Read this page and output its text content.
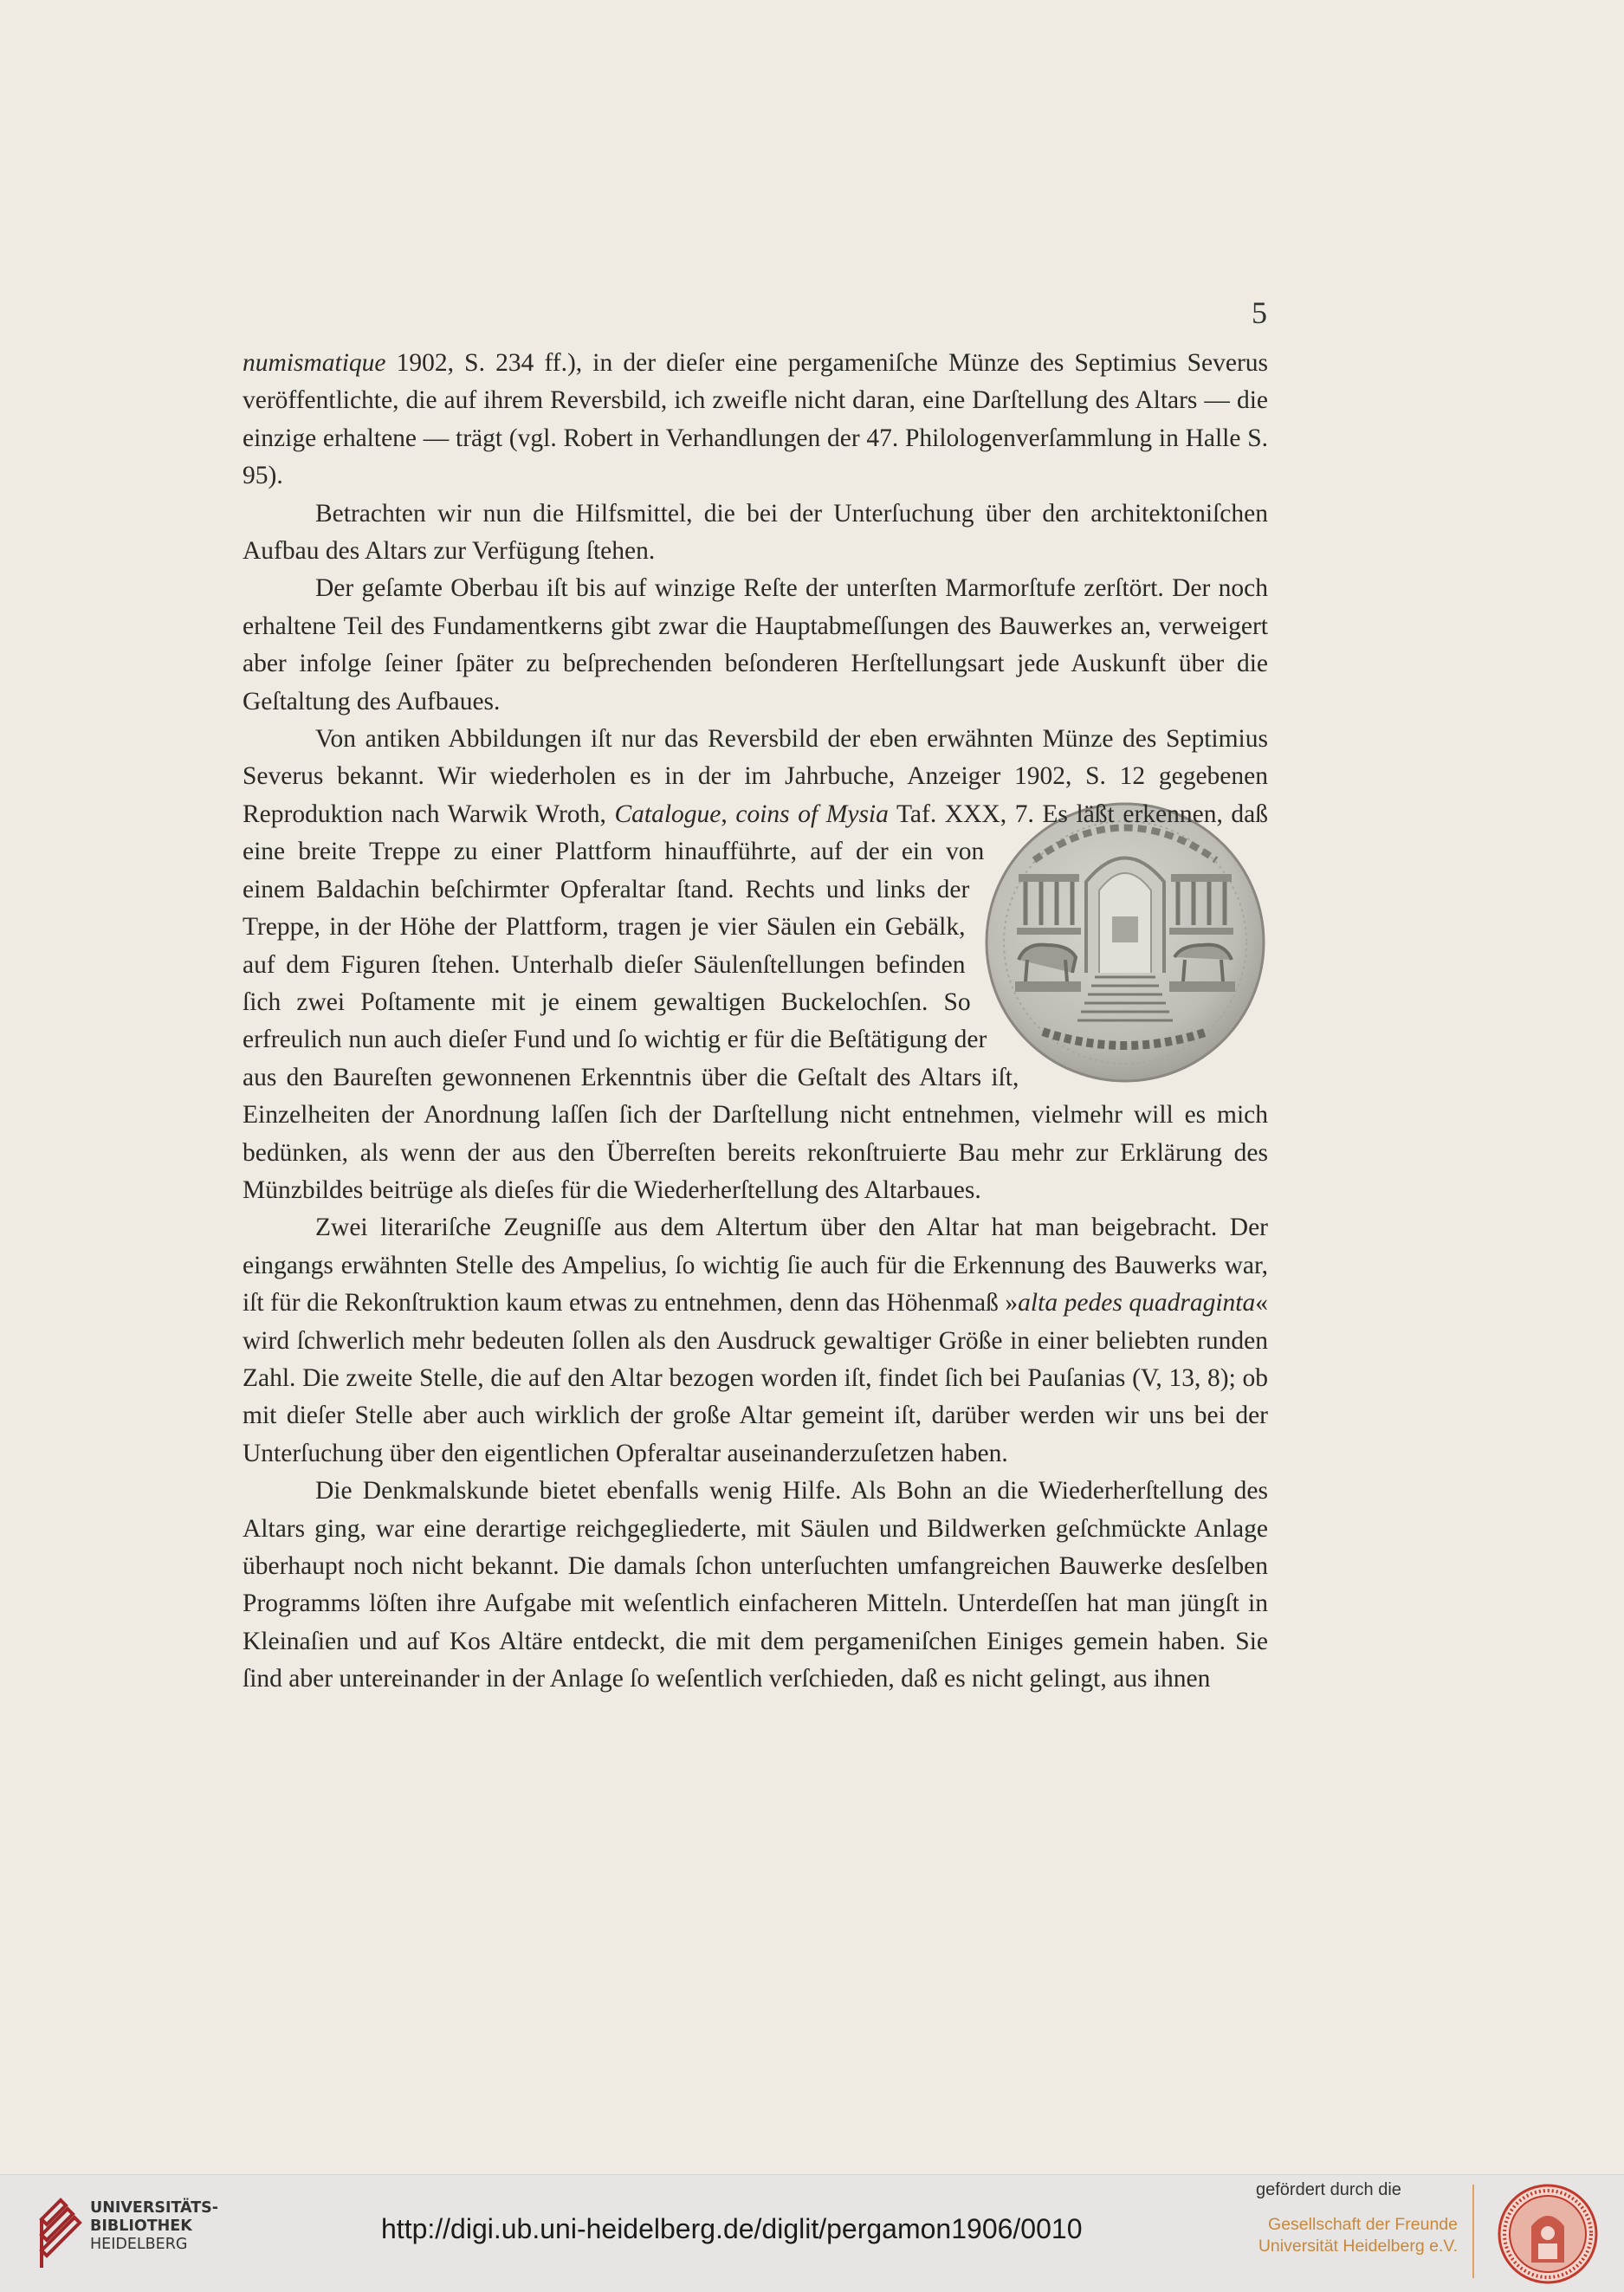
5

numismatique 1902, S. 234 ff.), in der dieſer eine pergameniſche Münze des Septimius Severus veröffentlichte, die auf ihrem Reversbild, ich zweifle nicht daran, eine Darſtellung des Altars — die einzige erhaltene — trägt (vgl. Robert in Verhandlungen der 47. Philologenverſammlung in Halle S. 95).

Betrachten wir nun die Hilfsmittel, die bei der Unterſuchung über den architektoniſchen Aufbau des Altars zur Verfügung ſtehen.

Der geſamte Oberbau iſt bis auf winzige Reſte der unterſten Marmorſtufe zerſtört. Der noch erhaltene Teil des Fundamentkerns gibt zwar die Hauptabmeſſungen des Bauwerkes an, verweigert aber infolge ſeiner ſpäter zu beſprechenden beſonderen Herſtellungsart jede Auskunft über die Geſtaltung des Aufbaues.

Von antiken Abbildungen iſt nur das Reversbild der eben erwähnten Münze des Septimius Severus bekannt. Wir wiederholen es in der im Jahrbuche, Anzeiger 1902, S. 12 gegebenen Reproduktion nach Warwik Wroth, Catalogue, coins of Mysia
Taf. XXX, 7. Es läßt erkennen, daß eine breite Treppe zu einer Plattform hinaufführte, auf der ein von einem Baldachin beſchirmter Opferaltar ſtand. Rechts und links der Treppe, in der Höhe der Plattform, tragen je vier Säulen ein Gebälk, auf dem Figuren ſtehen. Unterhalb dieſer Säulenſtellungen befinden ſich zwei Poſtamente mit je einem gewaltigen Buckelochſen. So erfreulich nun auch dieſer Fund und ſo wichtig er für die Beſtätigung der aus den Baureſten gewonnenen Erkenntnis über die Geſtalt des Altars iſt, Einzelheiten der Anordnung laſſen ſich der Darſtellung nicht entnehmen, vielmehr will es mich bedünken, als wenn der aus den Überreſten bereits rekonſtruierte Bau mehr zur Erklärung des Münzbildes beitrüge als dieſes für die Wiederherſtellung des Altarbaues.

Zwei literariſche Zeugniſſe aus dem Altertum über den Altar hat man beigebracht. Der eingangs erwähnten Stelle des Ampelius, ſo wichtig ſie auch für die Erkennung des Bauwerks war, iſt für die Rekonſtruktion kaum etwas zu entnehmen, denn das Höhenmaß »alta pedes quadraginta« wird ſchwerlich mehr bedeuten ſollen als den Ausdruck gewaltiger Größe in einer beliebten runden Zahl. Die zweite Stelle, die auf den Altar bezogen worden iſt, findet ſich bei Pauſanias (V, 13, 8); ob mit dieſer Stelle aber auch wirklich der große Altar gemeint iſt, darüber werden wir uns bei der Unterſuchung über den eigentlichen Opferaltar auseinanderzuſetzen haben.

Die Denkmalskunde bietet ebenfalls wenig Hilfe. Als Bohn an die Wiederherſtellung des Altars ging, war eine derartige reichgegliederte, mit Säulen und Bildwerken geſchmückte Anlage überhaupt noch nicht bekannt. Die damals ſchon unterſuchten umfangreichen Bauwerke desſelben Programms löſten ihre Aufgabe mit weſentlich einfacheren Mitteln. Unterdeſſen hat man jüngſt in Kleinaſien und auf Kos Altäre entdeckt, die mit dem pergameniſchen Einiges gemein haben. Sie ſind aber untereinander in der Anlage ſo weſentlich verſchieden, daß es nicht gelingt, aus ihnen

UNIVERSITÄTS-
BIBLIOTHEK
HEIDELBERG	http://digi.ub.uni-heidelberg.de/diglit/pergamon1906/0010
gefördert durch die
Gesellschaft der Freunde
Universität Heidelberg e.V.
